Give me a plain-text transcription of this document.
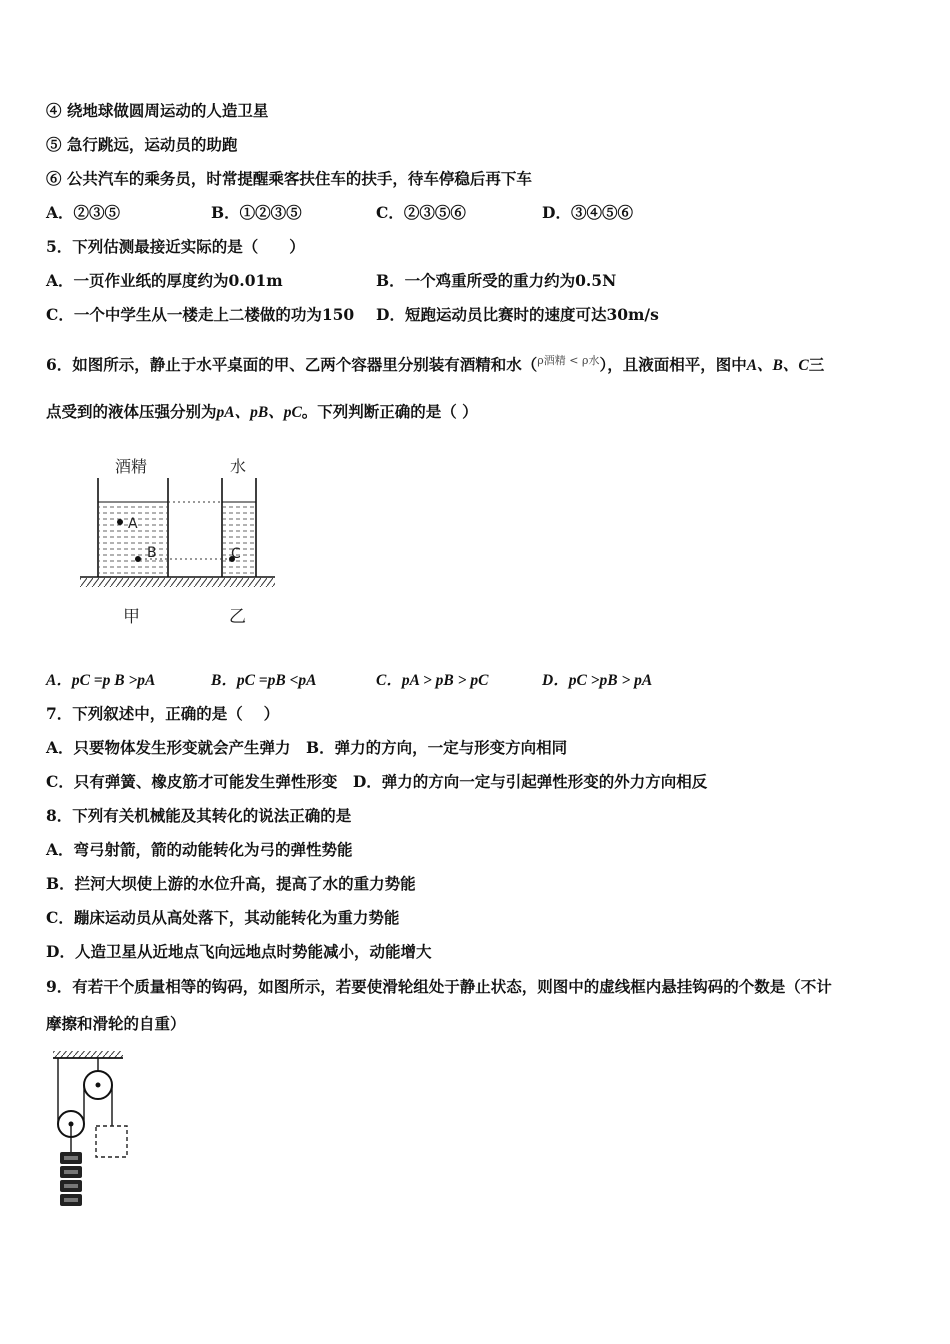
④ 绕地球做圆周运动的人造卫星

⑤ 急行跳远，运动员的助跑

⑥ 公共汽车的乘务员，时常提醒乘客扶住车的扶手，待车停稳后再下车

A．②③⑤	B．①②③⑤	C．②③⑤⑥	D．③④⑤⑥

5．下列估测最接近实际的是（　　）

A．一页作业纸的厚度约为0.01m	B．一个鸡重所受的重力约为0.5N
C．一个中学生从一楼走上二楼做的功为150 D．短跑运动员比赛时的速度可达30m/s

6．如图所示，静止于水平桌面的甲、乙两个容器里分别装有酒精和水（$^{\rho 酒精 < \rho 水}$），且液面相平，图中A、B、C三

点受到的液体压强分别为pA、pB、pC。下列判断正确的是（ ）

A
B	C
酒精	水
甲	乙
A．pC =p B >pA	B．pC =pB <pA	C．pA > pB > pC	D．pC >pB > pA

7．下列叙述中，正确的是（　 ）

A．只要物体发生形变就会产生弹力　B．弹力的方向，一定与形变方向相同

C．只有弹簧、橡皮筋才可能发生弹性形变　D．弹力的方向一定与引起弹性形变的外力方向相反

8．下列有关机械能及其转化的说法正确的是

A．弯弓射箭，箭的动能转化为弓的弹性势能

B．拦河大坝使上游的水位升高，提高了水的重力势能

C．蹦床运动员从高处落下，其动能转化为重力势能

D．人造卫星从近地点飞向远地点时势能减小，动能增大

9．有若干个质量相等的钩码，如图所示，若要使滑轮组处于静止状态，则图中的虚线框内悬挂钩码的个数是（不计

摩擦和滑轮的自重）
